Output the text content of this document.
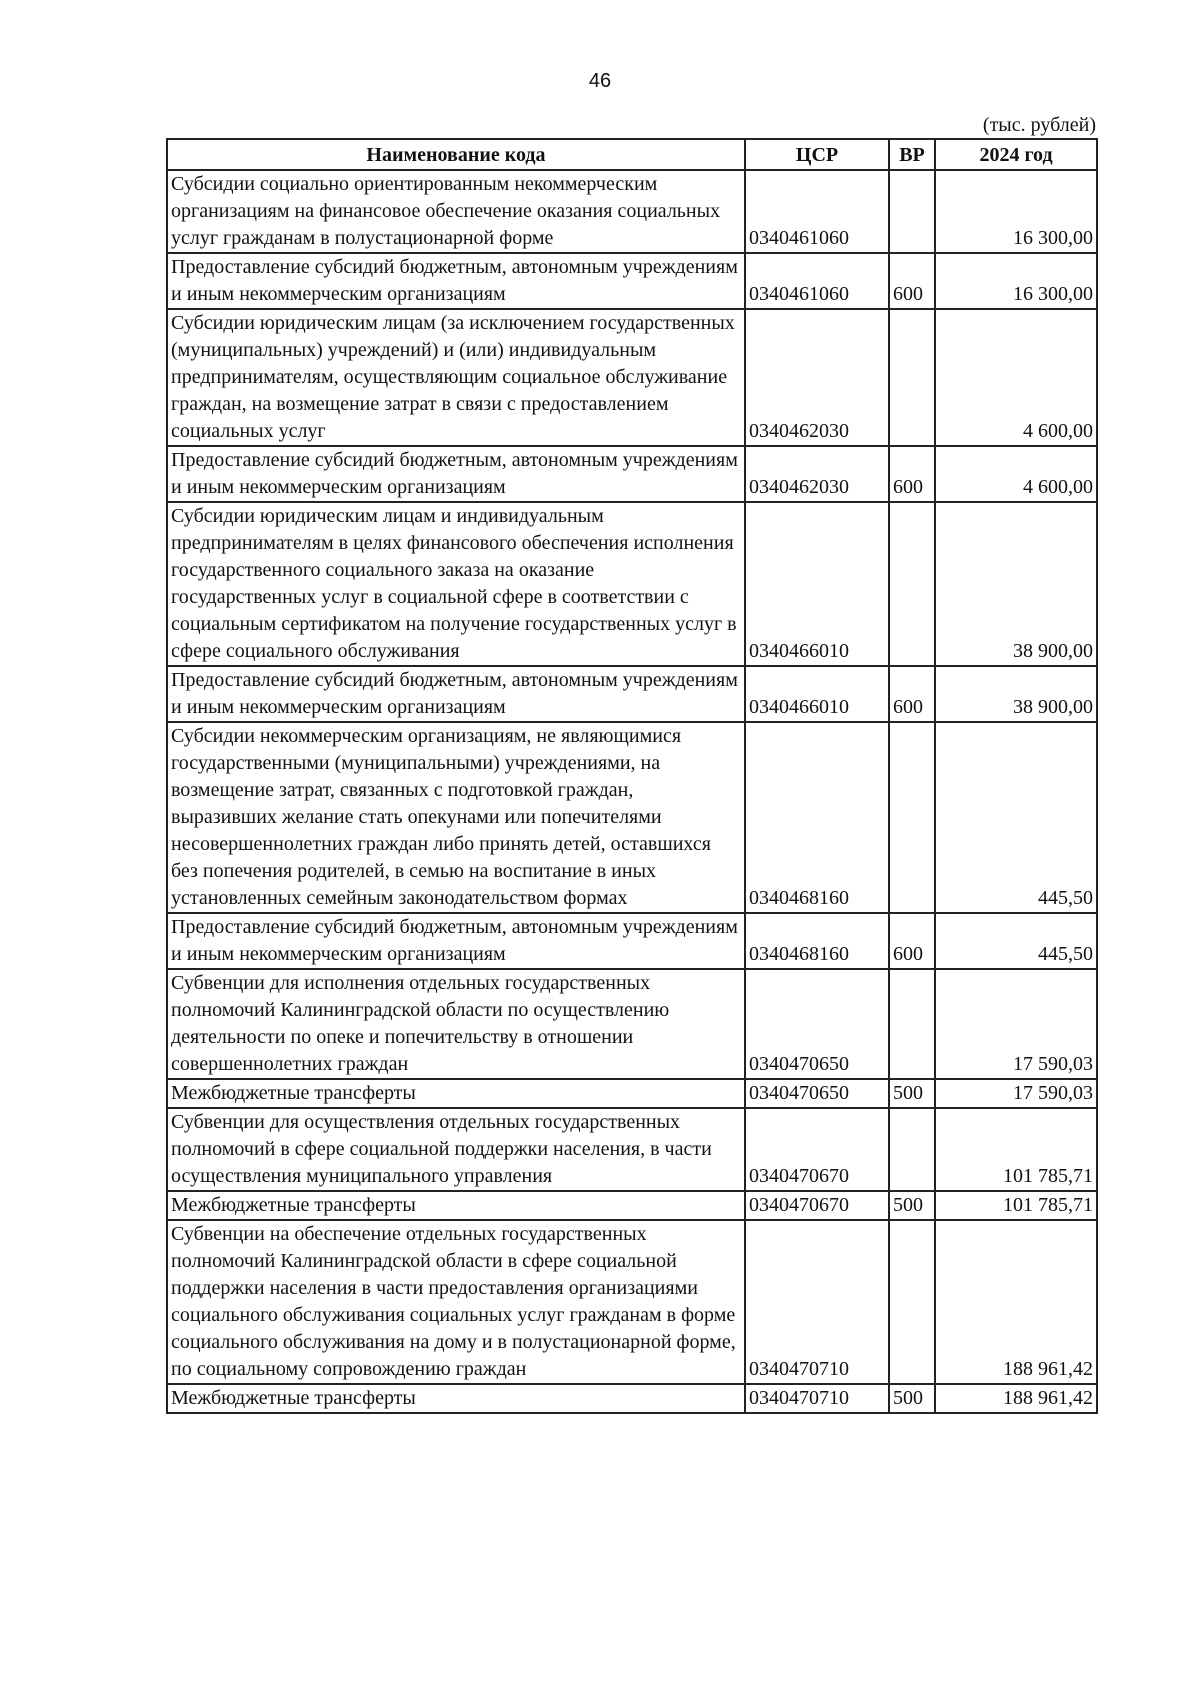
46
(тыс. рублей)
Наименование кода	ЦСР	ВР	2024 год
Субсидии социально ориентированным некоммерческим организациям на финансовое обеспечение оказания социальных услуг гражданам в полустационарной форме	0340461060		16 300,00
Предоставление субсидий бюджетным, автономным учреждениям и иным некоммерческим организациям	0340461060	600	16 300,00
Субсидии юридическим лицам (за исключением государственных (муниципальных) учреждений) и (или) индивидуальным предпринимателям, осуществляющим социальное обслуживание граждан, на возмещение затрат в связи с предоставлением социальных услуг	0340462030		4 600,00
Предоставление субсидий бюджетным, автономным учреждениям и иным некоммерческим организациям	0340462030	600	4 600,00
Субсидии юридическим лицам и индивидуальным предпринимателям в целях финансового обеспечения исполнения государственного социального заказа на оказание государственных услуг в социальной сфере в соответствии с социальным сертификатом на получение государственных услуг в сфере социального обслуживания	0340466010		38 900,00
Предоставление субсидий бюджетным, автономным учреждениям и иным некоммерческим организациям	0340466010	600	38 900,00
Субсидии некоммерческим организациям, не являющимися государственными (муниципальными) учреждениями, на возмещение затрат, связанных с подготовкой граждан, выразивших желание стать опекунами или попечителями несовершеннолетних граждан либо принять детей, оставшихся без попечения родителей, в семью на воспитание в иных установленных семейным законодательством формах	0340468160		445,50
Предоставление субсидий бюджетным, автономным учреждениям и иным некоммерческим организациям	0340468160	600	445,50
Субвенции для исполнения отдельных государственных полномочий Калининградской области по осуществлению деятельности по опеке и попечительству в отношении совершеннолетних граждан	0340470650		17 590,03
Межбюджетные трансферты	0340470650	500	17 590,03
Субвенции для осуществления отдельных государственных полномочий в сфере социальной поддержки населения, в части осуществления муниципального управления	0340470670		101 785,71
Межбюджетные трансферты	0340470670	500	101 785,71
Субвенции на обеспечение отдельных государственных полномочий Калининградской области в сфере социальной поддержки населения в части предоставления организациями социального обслуживания социальных услуг гражданам в форме социального обслуживания на дому и в полустационарной форме, по социальному сопровождению граждан	0340470710		188 961,42
Межбюджетные трансферты	0340470710	500	188 961,42
